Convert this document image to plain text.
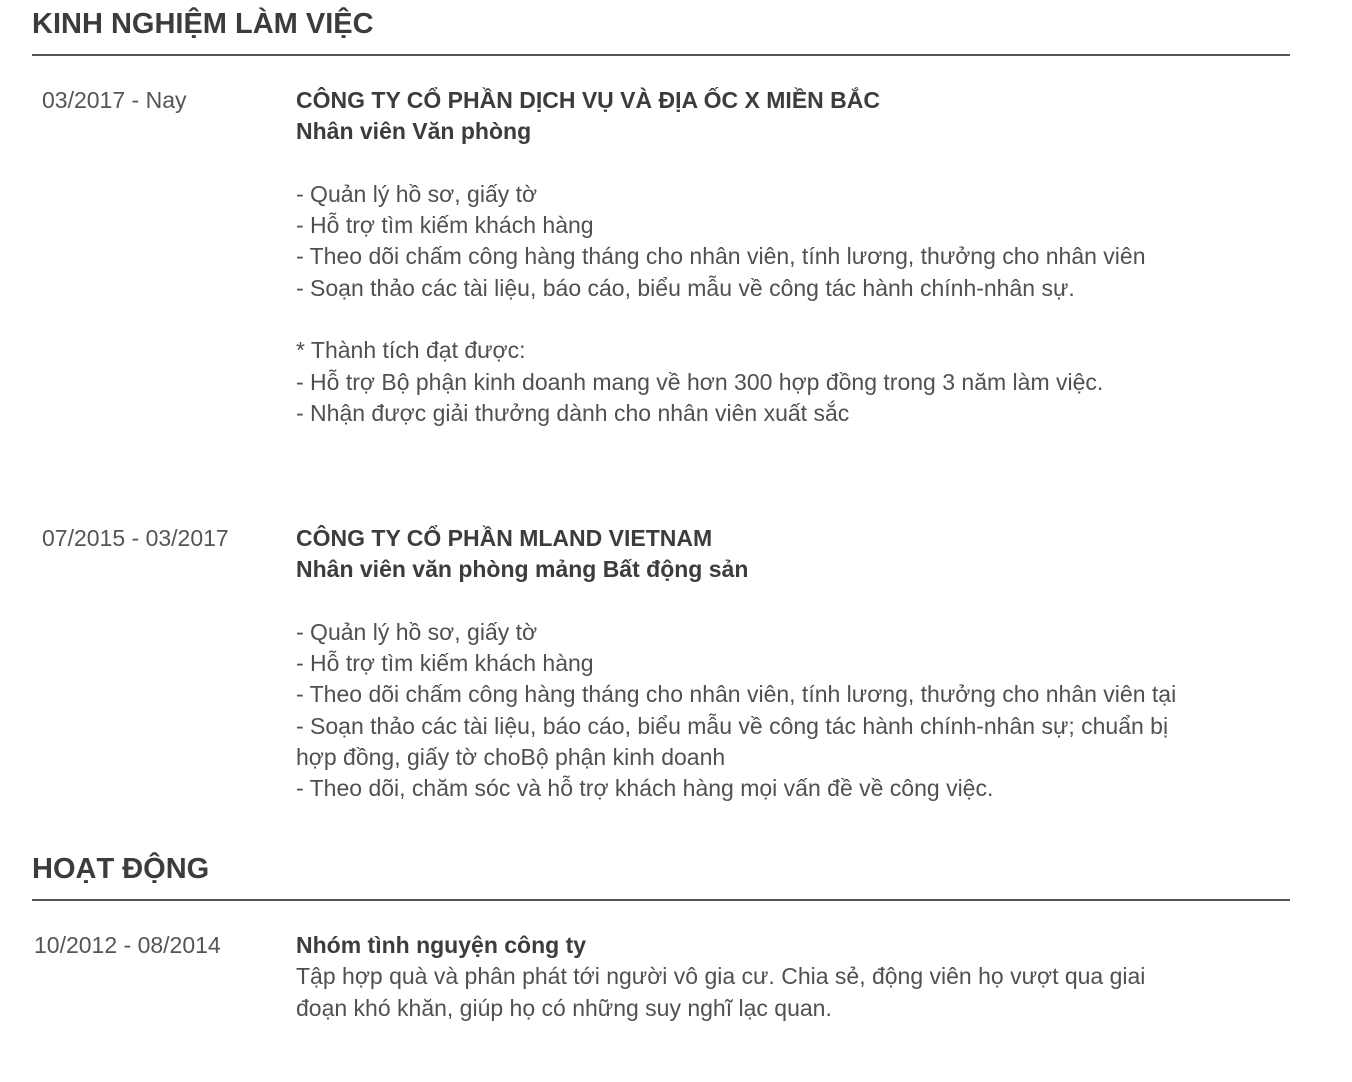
KINH NGHIỆM LÀM VIỆC
03/2017 - Nay	CÔNG TY CỔ PHẦN DỊCH VỤ VÀ ĐỊA ỐC X MIỀN BẮC
Nhân viên Văn phòng
- Quản lý hồ sơ, giấy tờ
- Hỗ trợ tìm kiếm khách hàng
- Theo dõi chấm công hàng tháng cho nhân viên, tính lương, thưởng cho nhân viên
- Soạn thảo các tài liệu, báo cáo, biểu mẫu về công tác hành chính-nhân sự.
* Thành tích đạt được:
- Hỗ trợ Bộ phận kinh doanh mang về hơn 300 hợp đồng trong 3 năm làm việc.
- Nhận được giải thưởng dành cho nhân viên xuất sắc
07/2015 - 03/2017	CÔNG TY CỔ PHẦN MLAND VIETNAM
Nhân viên văn phòng mảng Bất động sản
- Quản lý hồ sơ, giấy tờ
- Hỗ trợ tìm kiếm khách hàng
- Theo dõi chấm công hàng tháng cho nhân viên, tính lương, thưởng cho nhân viên tại
- Soạn thảo các tài liệu, báo cáo, biểu mẫu về công tác hành chính-nhân sự; chuẩn bị
hợp đồng, giấy tờ choBộ phận kinh doanh
- Theo dõi, chăm sóc và hỗ trợ khách hàng mọi vấn đề về công việc.
HOẠT ĐỘNG
10/2012 - 08/2014	Nhóm tình nguyện công ty
Tập hợp quà và phân phát tới người vô gia cư. Chia sẻ, động viên họ vượt qua giai
đoạn khó khăn, giúp họ có những suy nghĩ lạc quan.
